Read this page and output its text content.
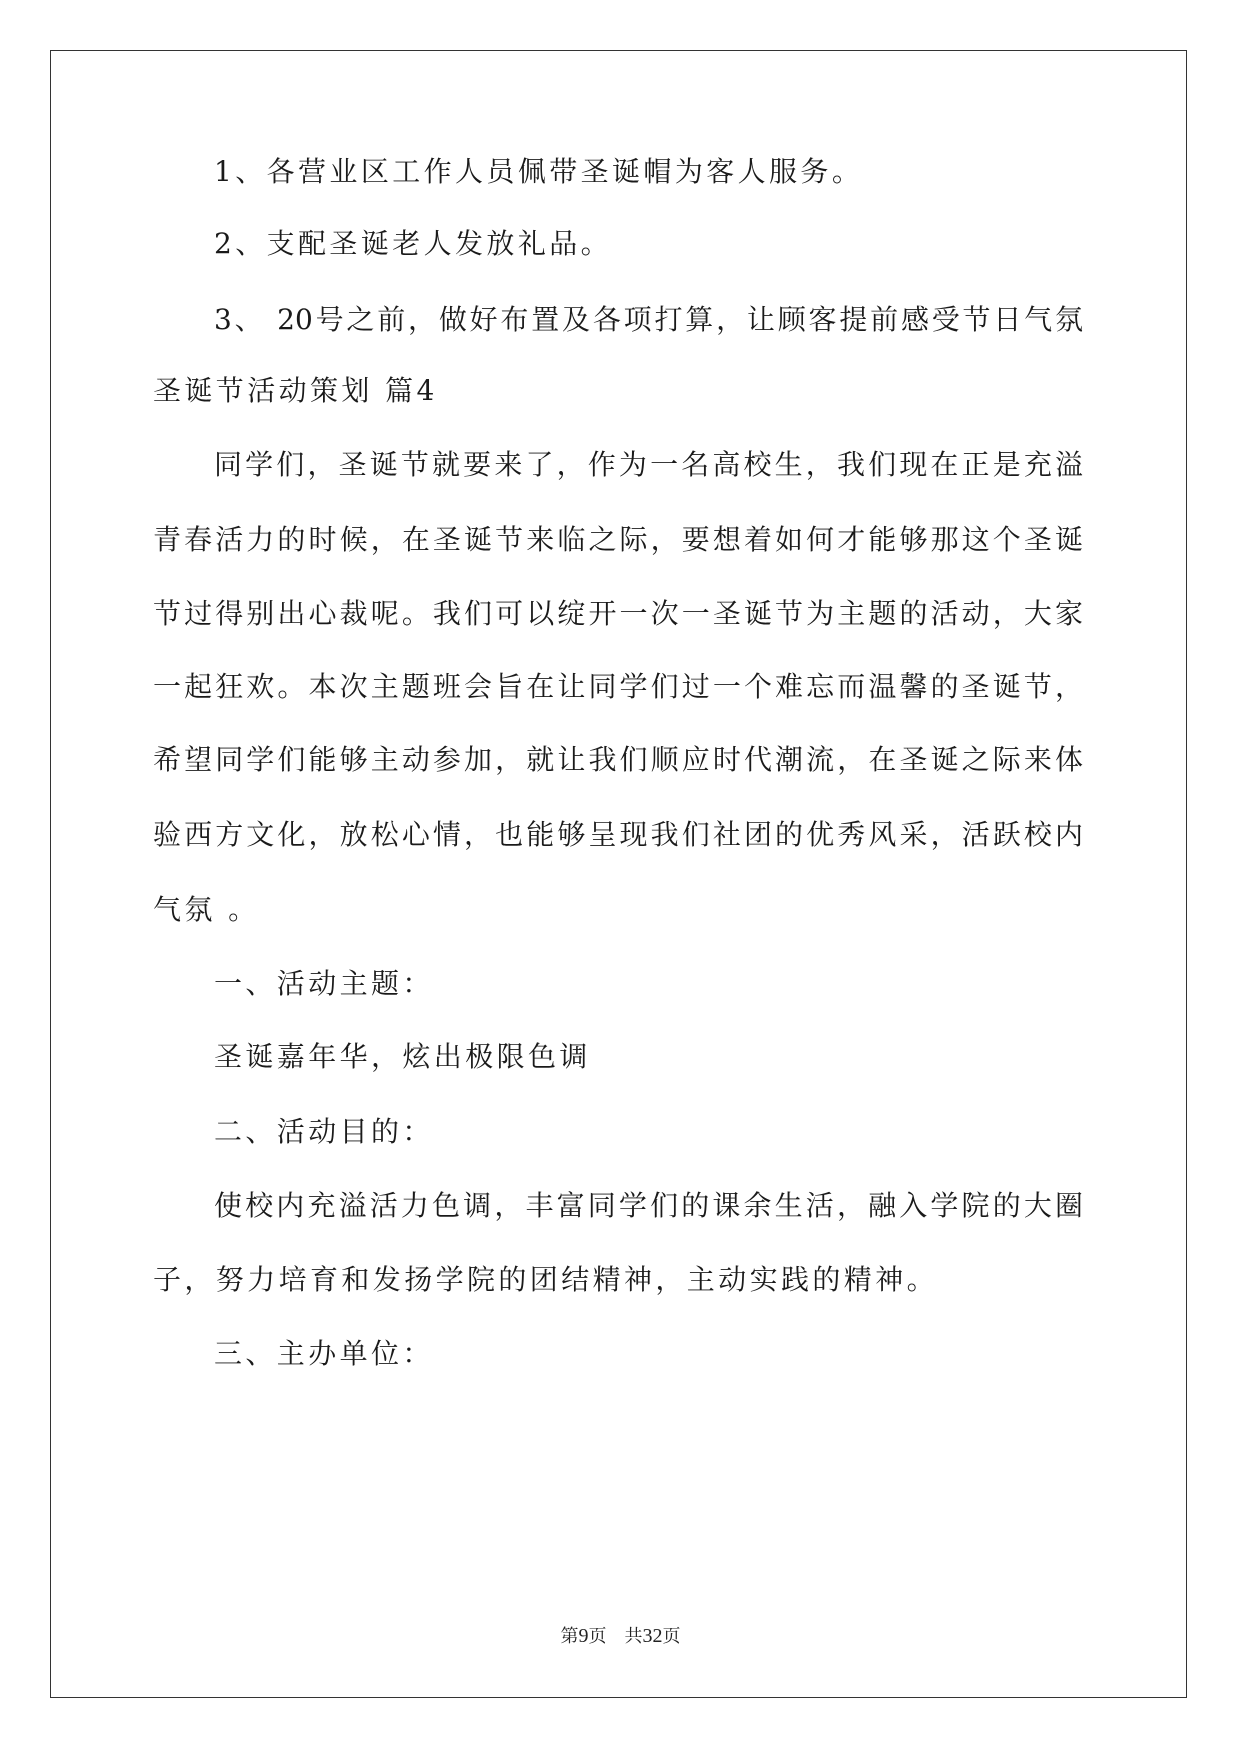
1、各营业区工作人员佩带圣诞帽为客人服务。
2、支配圣诞老人发放礼品。
3、 20号之前，做好布置及各项打算，让顾客提前感受节日气氛
圣诞节活动策划 篇4
同学们，圣诞节就要来了，作为一名高校生，我们现在正是充溢
青春活力的时候，在圣诞节来临之际，要想着如何才能够那这个圣诞
节过得别出心裁呢。我们可以绽开一次一圣诞节为主题的活动，大家
一起狂欢。本次主题班会旨在让同学们过一个难忘而温馨的圣诞节，
希望同学们能够主动参加，就让我们顺应时代潮流，在圣诞之际来体
验西方文化，放松心情，也能够呈现我们社团的优秀风采，活跃校内
气氛 。
一、活动主题：
圣诞嘉年华，炫出极限色调
二、活动目的：
使校内充溢活力色调，丰富同学们的课余生活，融入学院的大圈
子，努力培育和发扬学院的团结精神，主动实践的精神。
三、主办单位：
第9页　共32页
